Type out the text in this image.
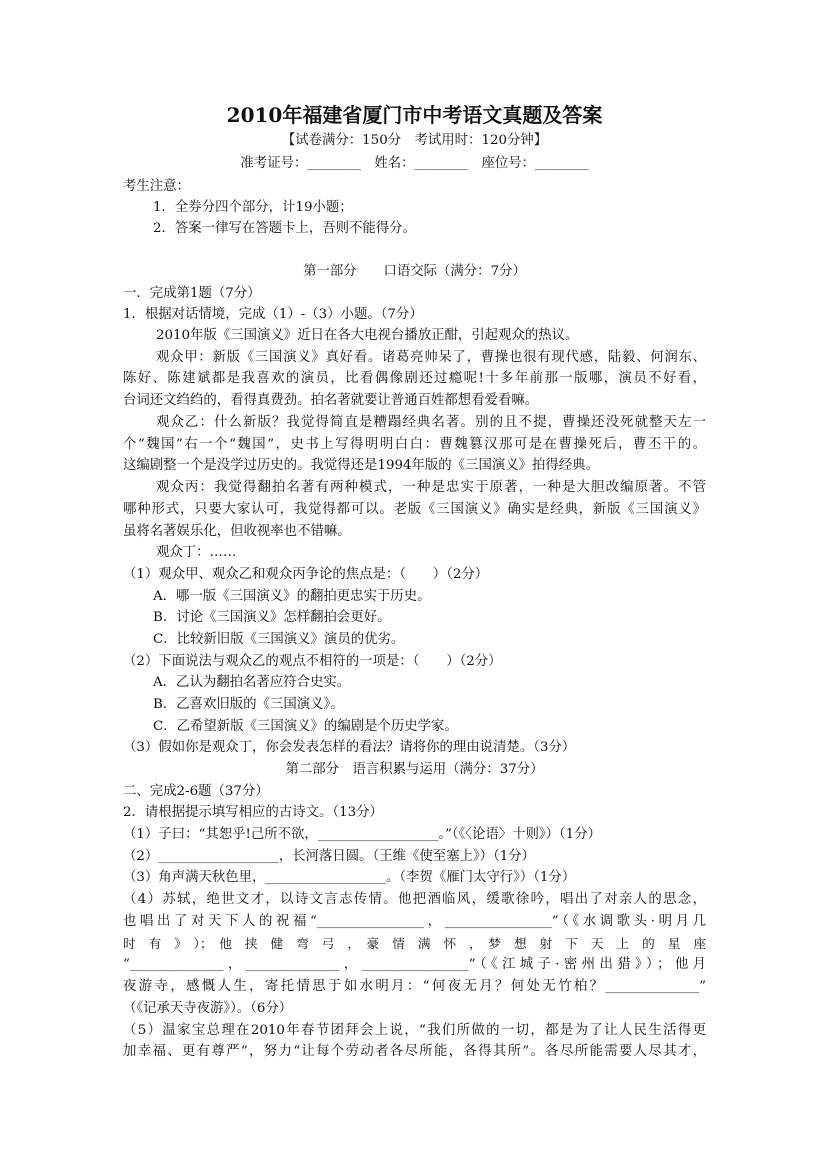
2010年福建省厦门市中考语文真题及答案
【试卷满分：150分　考试用时：120分钟】
准考证号：________　姓名：________　座位号：________
考生注意：
1．全券分四个部分，计19小题；
2．答案一律写在答题卡上，吾则不能得分。
第一部分　　口语交际（满分：7分）
一．完成第1题（7分）
1．根据对话情境，完成（1）-（3）小题。（7分）
2010年版《三国演义》近日在各大电视台播放正酣，引起观众的热议。
观众甲：新版《三国演义》真好看。诸葛亮帅呆了，曹操也很有现代感，陆毅、何润东、
陈好、陈建斌都是我喜欢的演员，比看偶像剧还过瘾呢!十多年前那一版哪，演员不好看，
台词还文绉绉的，看得真费劲。拍名著就要让普通百姓都想看爱看嘛。
观众乙：什么新版？我觉得简直是糟蹋经典名著。别的且不提，曹操还没死就整天左一
个“魏国”右一个“魏国”，史书上写得明明白白：曹魏篡汉那可是在曹操死后，曹丕干的。
这编剧整一个是没学过历史的。我觉得还是1994年版的《三国演义》拍得经典。
观众丙：我觉得翻拍名著有两种模式，一种是忠实于原著，一种是大胆改编原著。不管
哪种形式，只要大家认可，我觉得都可以。老版《三国演义》确实是经典，新版《三国演义》
虽将名著娱乐化，但收视率也不错嘛。
观众丁：……
（1）观众甲、观众乙和观众丙争论的焦点是：（　　）（2分）
A．哪一版《三国演义》的翻拍更忠实于历史。
B．讨论《三国演义》怎样翻拍会更好。
C．比较新旧版《三国演义》演员的优劣。
（2）下面说法与观众乙的观点不相符的一项是：（　　）（2分）
A．乙认为翻拍名著应符合史实。
B．乙喜欢旧版的《三国演义》。
C．乙希望新版《三国演义》的编剧是个历史学家。
（3）假如你是观众丁，你会发表怎样的看法？请将你的理由说清楚。（3分）
第二部分　语言积累与运用（满分：37分）
二、完成2-6题（37分）
2．请根据提示填写相应的古诗文。（13分）
（1）子曰：“其恕乎!己所不欲，__________________。”（《〈论语〉十则》）（1分）
（2）__________________，长河落日圆。（王维《使至塞上》）（1分）
（3）角声满天秋色里，__________________。（李贺《雁门太守行》）（1分）
（4）苏轼，绝世文才，以诗文言志传情。他把酒临风，缓歌徐吟，唱出了对亲人的思念，
也唱出了对天下人的祝福“________________，________________”（《水调歌头·明月几
时　有　》　）；　他　挟　健　弯　弓　，　豪　情　满　怀　，　梦　想　射　下　天　上　的　星　座
“______________，______________，________________”（《江城子·密州出猎》）；他月
夜游寺，感慨人生，寄托情思于如水明月：“何夜无月？何处无竹柏？______________”
（《记承天寺夜游》）。（6分）
（5）温家宝总理在2010年春节团拜会上说，“我们所做的一切，都是为了让人民生活得更
加幸福、更有尊严”，努力“让每个劳动者各尽所能，各得其所”。各尽所能需要人尽其才，
